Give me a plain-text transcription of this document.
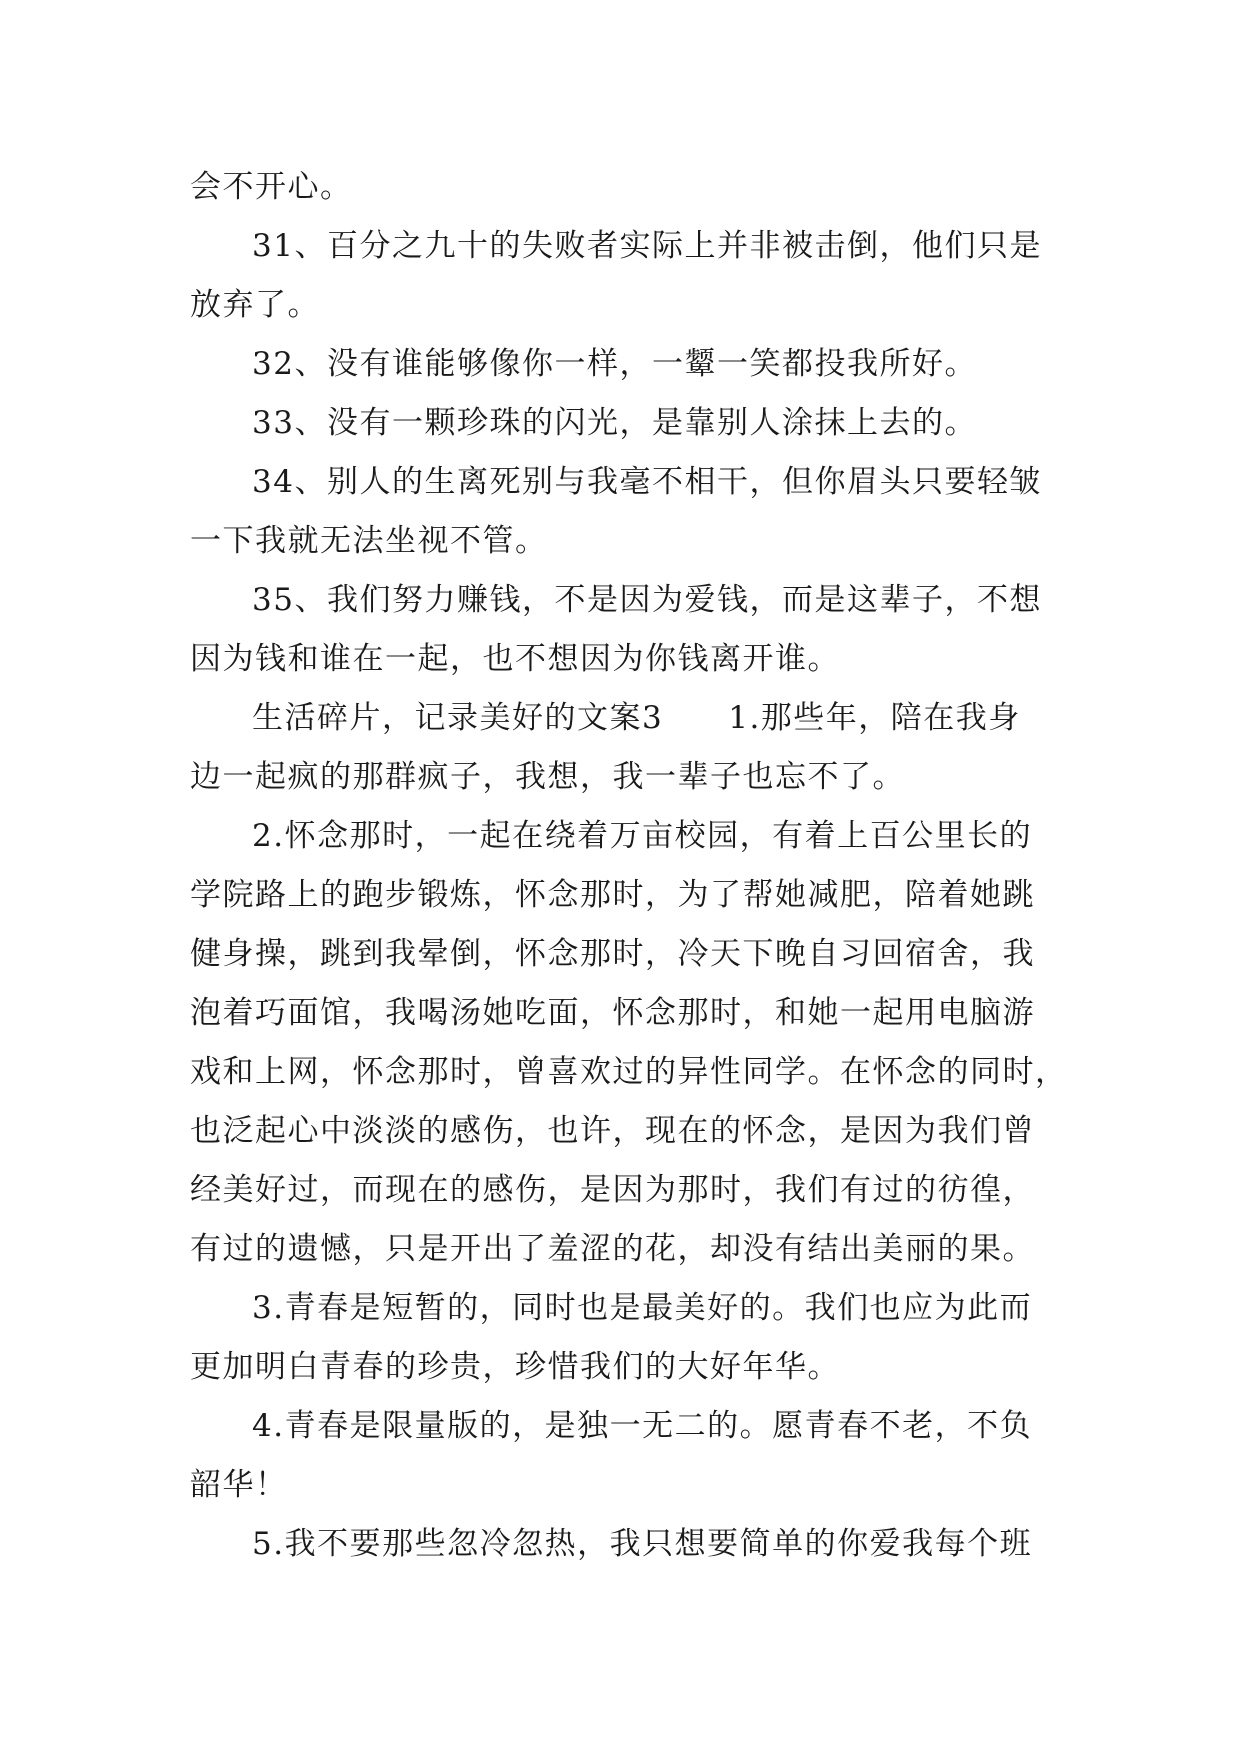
会不开心。
31、百分之九十的失败者实际上并非被击倒，他们只是
放弃了。
32、没有谁能够像你一样，一颦一笑都投我所好。
33、没有一颗珍珠的闪光，是靠别人涂抹上去的。
34、别人的生离死别与我毫不相干，但你眉头只要轻皱
一下我就无法坐视不管。
35、我们努力赚钱，不是因为爱钱，而是这辈子，不想
因为钱和谁在一起，也不想因为你钱离开谁。
生活碎片，记录美好的文案3　　1.那些年，陪在我身
边一起疯的那群疯子，我想，我一辈子也忘不了。
2.怀念那时，一起在绕着万亩校园，有着上百公里长的
学院路上的跑步锻炼，怀念那时，为了帮她减肥，陪着她跳
健身操，跳到我晕倒，怀念那时，冷天下晚自习回宿舍，我
泡着巧面馆，我喝汤她吃面，怀念那时，和她一起用电脑游
戏和上网，怀念那时，曾喜欢过的异性同学。在怀念的同时，
也泛起心中淡淡的感伤，也许，现在的怀念，是因为我们曾
经美好过，而现在的感伤，是因为那时，我们有过的彷徨，
有过的遗憾，只是开出了羞涩的花，却没有结出美丽的果。
3.青春是短暂的，同时也是最美好的。我们也应为此而
更加明白青春的珍贵，珍惜我们的大好年华。
4.青春是限量版的，是独一无二的。愿青春不老，不负
韶华！
5.我不要那些忽冷忽热，我只想要简单的你爱我每个班
